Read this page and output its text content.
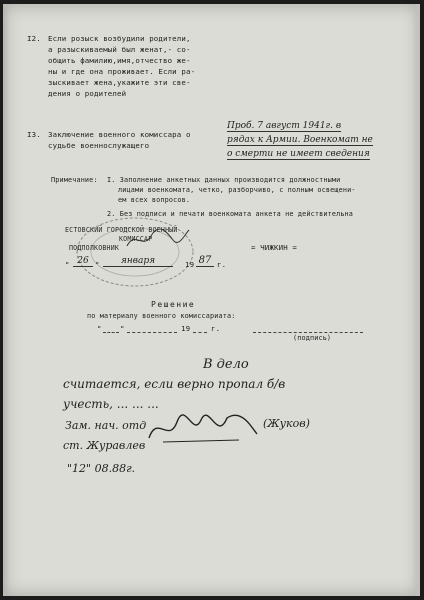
I2. Если розыск возбудили родители,
а разыскиваемый был женат,- со-
общить фамилию,имя,отчество же-
ны и где она проживает. Если ра-
зыскивает жена,укажите эти све-
дения о родителей
I3. Заключение военного комиссара о
судьбе военнослужащего
Проб. 7 август 1941г. в
рядах к Армии. Военкомат не
о смерти не имеет сведения
Примечание: I. Заполнение анкетных данных производится должностными
лицами военкомата, четко, разборчиво, с полным освещени-
ем всех вопросов.
2. Без подписи и печати военкомата анкета не действительна
ЕСТОВСКИЙ ГОРОДСКОЙ ВОЕННЫЙ
КОМИССАР
ПОДПОЛКОВНИК
" 26 "	января	19 87 г.
= ЧИЖКИН =
Решение
по материалу военного комиссариата:
" "	19	г.
(подпись)
В дело
считается, если верно пропал б/в
учесть, ... ... ...
Зам. нач. отд	(Жуков)
ст. Журавлев
"12" 08.88г.
